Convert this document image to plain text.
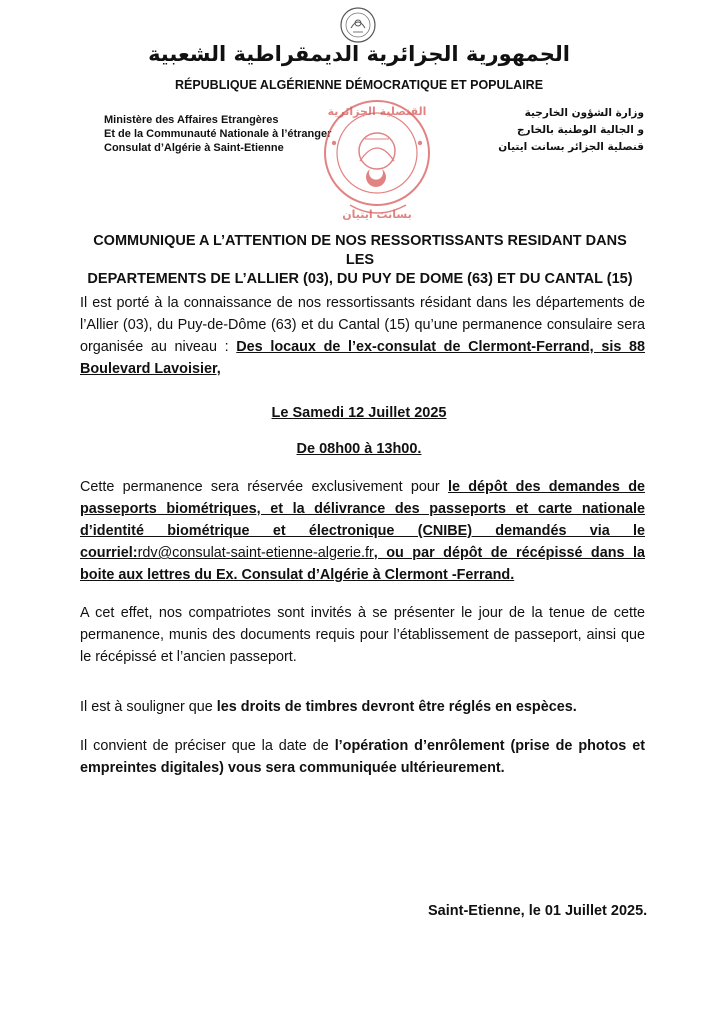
الجمهورية الجزائرية الديمقراطية الشعبية
RÉPUBLIQUE ALGÉRIENNE DÉMOCRATIQUE ET POPULAIRE
Ministère des Affaires Etrangères
Et de la Communauté Nationale à l’étranger
Consulat d’Algérie à Saint-Etienne
وزارة الشؤون الخارجية
و الجالية الوطنية بالخارج
قنصلية الجزائر بسانت ايتيان
القنصلية الجزائرية
بسانت ايتيان
COMMUNIQUE A L’ATTENTION DE NOS RESSORTISSANTS RESIDANT DANS LES
DEPARTEMENTS DE L’ALLIER (03), DU PUY DE DOME (63) ET DU CANTAL (15)
Il est porté à la connaissance de nos ressortissants résidant dans les départements de l’Allier (03), du Puy-de-Dôme (63) et du Cantal (15) qu’une permanence consulaire sera organisée au niveau : Des locaux de l’ex-consulat de Clermont-Ferrand, sis 88 Boulevard Lavoisier,
Le Samedi 12 Juillet 2025
De 08h00 à 13h00.
Cette permanence sera réservée exclusivement pour le dépôt des demandes de passeports biométriques, et la délivrance des passeports et carte nationale d’identité biométrique et électronique (CNIBE) demandés via le courriel:rdv@consulat-saint-etienne-algerie.fr, ou par dépôt de récépissé dans la boite aux lettres du Ex. Consulat d’Algérie à Clermont -Ferrand.
A cet effet, nos compatriotes sont invités à se présenter le jour de la tenue de cette permanence, munis des documents requis pour l’établissement de passeport, ainsi que le récépissé et l’ancien passeport.
Il est à souligner que les droits de timbres devront être réglés en espèces.
Il convient de préciser que la date de l’opération d’enrôlement (prise de photos et empreintes digitales) vous sera communiquée ultérieurement.
Saint-Etienne, le 01 Juillet 2025.
